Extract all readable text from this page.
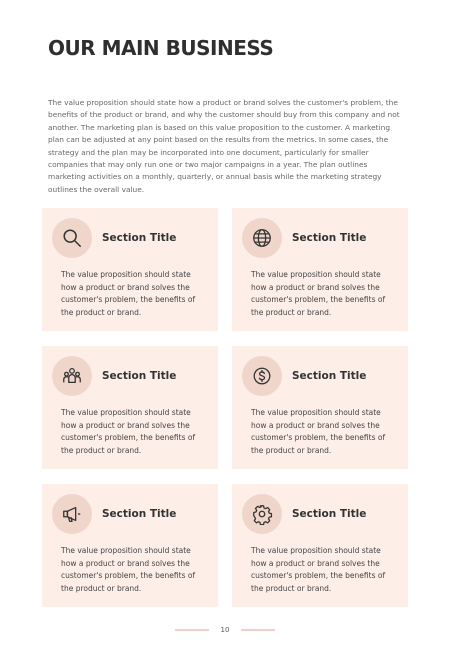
OUR MAIN BUSINESS

The value proposition should state how a product or brand solves the customer's problem, the benefits of the product or brand, and why the customer should buy from this company and not another. The marketing plan is based on this value proposition to the customer. A marketing plan can be adjusted at any point based on the results from the metrics. In some cases, the strategy and the plan may be incorporated into one document, particularly for smaller companies that may only run one or two major campaigns in a year. The plan outlines marketing activities on a monthly, quarterly, or annual basis while the marketing strategy outlines the overall value.

Section Title

The value proposition should state how a product or brand solves the customer's problem, the benefits of the product or brand.

Section Title

The value proposition should state how a product or brand solves the customer's problem, the benefits of the product or brand.

Section Title

The value proposition should state how a product or brand solves the customer's problem, the benefits of the product or brand.

Section Title

The value proposition should state how a product or brand solves the customer's problem, the benefits of the product or brand.

Section Title

The value proposition should state how a product or brand solves the customer's problem, the benefits of the product or brand.

Section Title

The value proposition should state how a product or brand solves the customer's problem, the benefits of the product or brand.

10
